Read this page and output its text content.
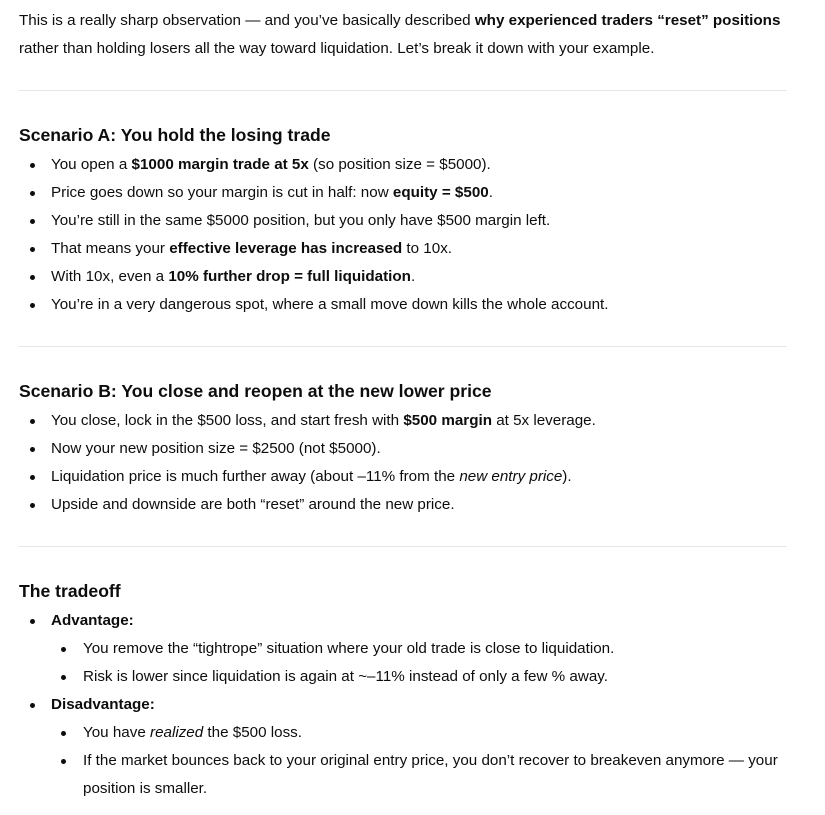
This is a really sharp observation — and you’ve basically described why experienced traders “reset” positions rather than holding losers all the way toward liquidation. Let’s break it down with your example.

Scenario A: You hold the losing trade
You open a $1000 margin trade at 5x (so position size = $5000).
Price goes down so your margin is cut in half: now equity = $500.
You’re still in the same $5000 position, but you only have $500 margin left.
That means your effective leverage has increased to 10x.
With 10x, even a 10% further drop = full liquidation.
You’re in a very dangerous spot, where a small move down kills the whole account.
Scenario B: You close and reopen at the new lower price
You close, lock in the $500 loss, and start fresh with $500 margin at 5x leverage.
Now your new position size = $2500 (not $5000).
Liquidation price is much further away (about –11% from the new entry price).
Upside and downside are both “reset” around the new price.
The tradeoff
Advantage:
You remove the “tightrope” situation where your old trade is close to liquidation.
Risk is lower since liquidation is again at ~–11% instead of only a few % away.
Disadvantage:
You have realized the $500 loss.
If the market bounces back to your original entry price, you don’t recover to breakeven anymore — your position is smaller.
